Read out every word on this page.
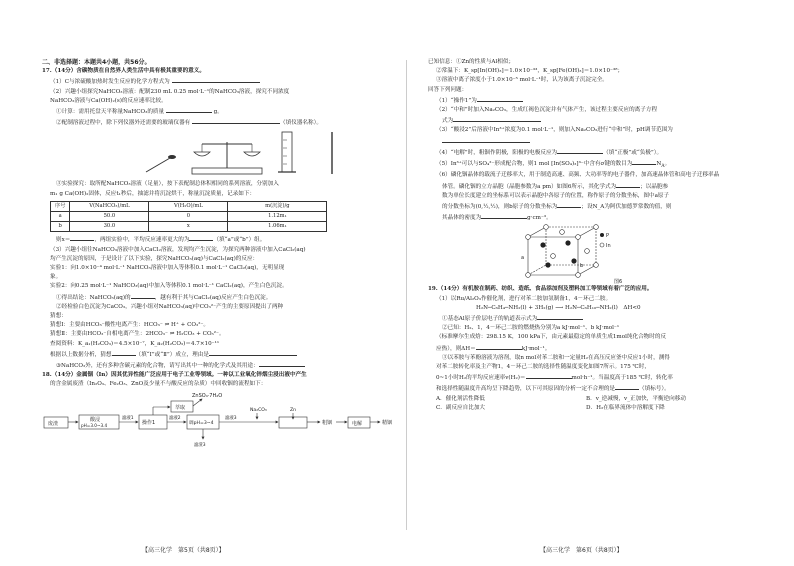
二、非选择题：本题共4小题，共56分。
17.（14分）含碳物质在自然界人类生活中具有极其重要的意义。
（1）C与浓硫酸加热时发生反应的化学方程式为
（2）兴趣小组探究NaHCO₃溶液：配制230 mL 0.25 mol·L⁻¹的NaHCO₃溶液，探究不同浓度
NaHCO₃溶液与Ca(OH)₂(s)的反应速率比较。
①计算：需用托盘天平称量NaHCO₃的质量	g。
②配制溶液过程中，除下列仪器外还需要的玻璃仪器有	（填仪器名称）。
③实验探究：取所配NaHCO₃溶液（足量），按下表配制总体积相同的系列溶液，分别加入
m₁ g Ca(OH)₂固体，反应t₁秒后，抽滤并将沉淀烘干，称量沉淀质量，记录如下：
序号	V(NaHCO₃)/mL	V(H₂O)/mL	m(沉淀)/g
a	50.0	0	1.12m₁
b	30.0	x	1.06m₁
则x＝	，两组实验中，平均反应速率更大的为	（填“a”或“b”）组。
（3）兴趣小组往NaHCO₃溶液中加入CaCl₂溶液，发现均产生沉淀，为探究两种溶液中加入CaCl₂(aq)
均产生沉淀的原因，于是设计了以下实验，探究NaHCO₃(aq)与CaCl₂(aq)的反应：
实验1：向1.0×10⁻⁴ mol·L⁻¹ NaHCO₃溶液中加入等体积0.1 mol·L⁻¹ CaCl₂(aq)，无明显现
象。
实验2：向0.25 mol·L⁻¹ NaHCO₃(aq)中加入等体积0.1 mol·L⁻¹ CaCl₂(aq)，产生白色沉淀。
①得出结论：NaHCO₃(aq)的	，越有利于其与CaCl₂(aq)反应产生白色沉淀。
②经检验白色沉淀为CaCO₃，兴趣小组对NaHCO₃(aq)中CO₃²⁻产生的主要原因提出了两种
猜想：
猜想Ⅰ：主要由HCO₃⁻酸性电离产生：HCO₃⁻ ⇌ H⁺ + CO₃²⁻。
猜想Ⅱ：主要由HCO₃⁻自相电离产生：2HCO₃⁻ ⇌ H₂CO₃ + CO₃²⁻。
查阅资料：K_a₁(H₂CO₃)＝4.5×10⁻⁷，K_a₂(H₂CO₃)＝4.7×10⁻¹¹
根据以上数据分析，猜想	（填“Ⅰ”或“Ⅱ”）成立，理由是
③NaHCO₃外，还有多种含碳元素的化合物，请写出其中一种的化学式及其用途：
18.（14分）金属铟（In）因其优异性能广泛应用于电子工业等领域。一种以工业氧化锌烟尘浸出液中产生
的含金属废渣（In₂O₃、Fe₂O₃、ZnO及少量不与酸反应的杂质）中回收铟的流程如下：
ZnSO₄·7H₂O
废渣
酸浸
pH=3.0~3.4
滤液1
操作1
萃取
滤液2
调pH=3~4
Na₂CO₃
滤液3
滤渣3
Zn
粗铟	电解	精铟
已知信息：①Zn的性质与Al相似；
②常温下：K_sp[In(OH)₃]＝1.0×10⁻³³，K_sp[Fe(OH)₃]＝1.0×10⁻³⁸；
③溶液中离子浓度小于1.0×10⁻⁵ mol·L⁻¹时，认为该离子沉淀完全。
回答下列问题：
（1）“操作1”为
（2）“中和”时加入Na₂CO₃，生成红褐色沉淀并有气体产生，该过程主要反应的离子方程
式为
（3）“酸浸2”后溶液中In³⁺浓度为0.1 mol·L⁻¹，则加入Na₂CO₃进行“中和”时，pH调节范围为
（4）“电解”时，粗铟作阴极，阳极的电极反应为	（填“正极”或“负极”）。
（5）In³⁺可以与SO₄²⁻形成配合物，则1 mol [In(SO₄)₃]³⁻中含有σ键的数目为	$N_A$。
（6）磷化铟晶体的载流子迁移率大，用于制造高速、高频、大功率等的电子器件，加高速晶体管和高电子迁移率晶
体管。磷化铟的立方晶胞（晶胞参数为a pm）如图6所示，其化学式为	；以晶胞参
数为单位长度建立的坐标系可以表示晶胞中各原子的位置，称作原子的分数坐标，图中a原子
的分数坐标为(0,½,½)，则b原子的分数坐标为	；设N_A为阿伏加德罗常数的值，则
其晶体的密度为	g·cm⁻³。
P
In
a
b
图6
19.（14分）有机胺在制药、纺织、造纸、食品添加剂及塑料加工等领域有着广泛的应用。
（1）以Ru/Al₂O₃作催化剂，进行对苯二胺加氢制备1，4－环己二胺。
H₂N─C₆H₄─NH₂(l) + 3H₂(g) ⟶ H₂N─C₆H₁₀─NH₂(l)　ΔH<0
①基态Al原子价层电子的轨道表示式为
②已知：H₂、1，4－环己二胺的燃烧热分别为a kJ·mol⁻¹、b kJ·mol⁻¹
（标准摩尔生成焓：298.15 K，100 kPa下，由元素最稳定的单质生成1mol纯化合物时的反
应热），则ΔH＝	kJ·mol⁻¹。
③以苯胺与苯酚溶液为溶剂，取n mol对苯二胺和一定量H₂在高压反应釜中反应1小时，测得
对苯二胺转化率及主产物1，4－环己二胺的选择性随温度变化如图7所示。175 ℃时，
0~1小时H₂的平均反应速率v(H₂)＝	mol·h⁻¹。当温度高于185 ℃时，转化率
和选择性随温度升高均呈下降趋势，以下可其原因的分析一定不合理的是	（填标号）。
A．催化剂活性降低	B．v_逆减慢，v_正加快，平衡逆向移动
C．副反应自比加大	D．H₂在临界流体中溶解度下降
【高三化学　第5页（共8页）】	【高三化学　第6页（共8页）】
